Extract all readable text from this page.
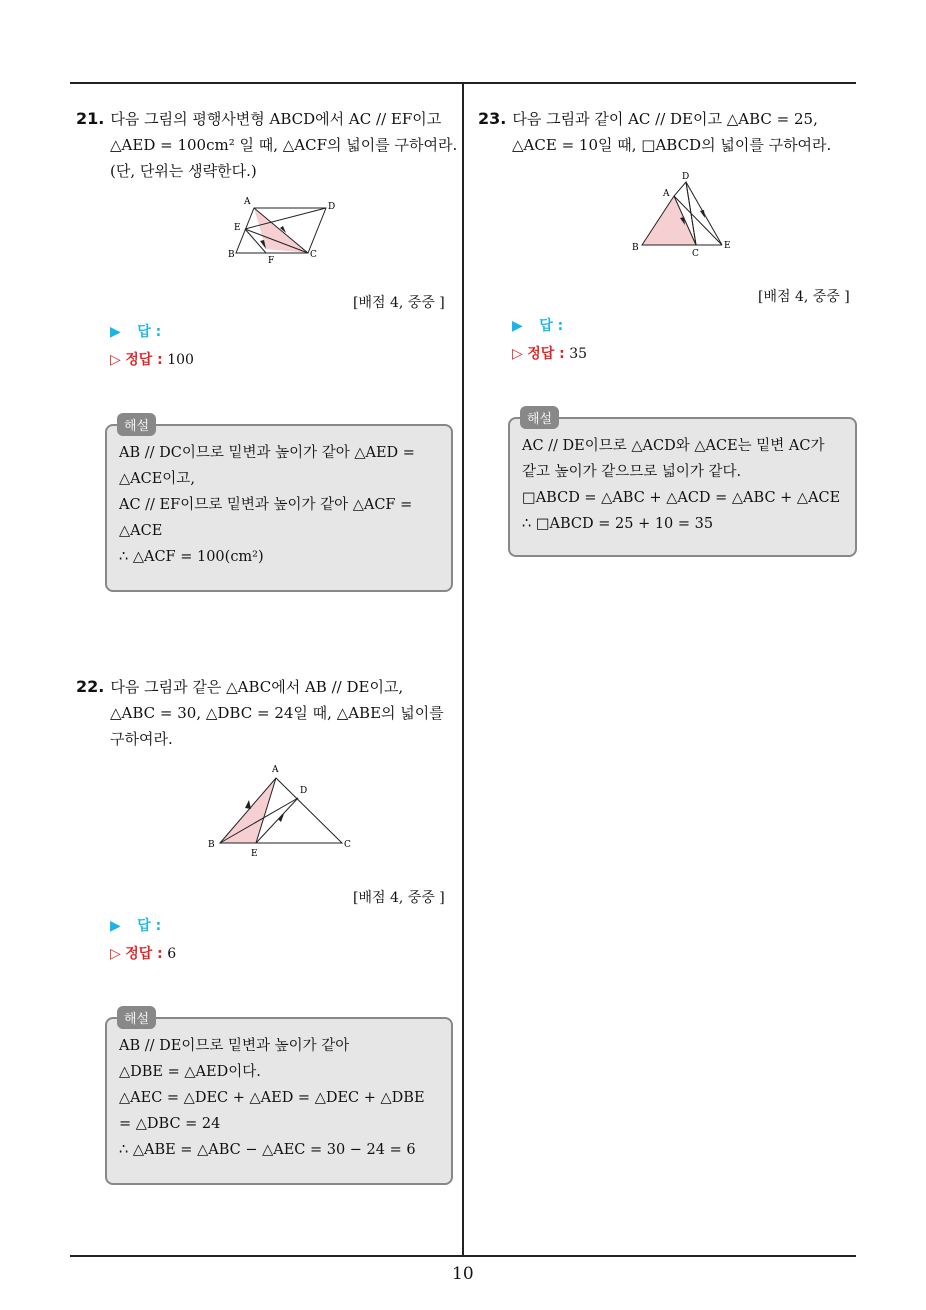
10
21. 다음 그림의 평행사변형 ABCD에서 AC // EF이고
△AED = 100cm² 일 때, △ACF의 넓이를 구하여라.
(단, 단위는 생략한다.)
A	D
E
B
F
C
[배점 4, 중중 ]
▶ 답 :
▷ 정답 : 100
해설
AB // DC이므로 밑변과 높이가 같아 △AED =
△ACE이고,
AC // EF이므로 밑변과 높이가 같아 △ACF =
△ACE
∴ △ACF = 100(cm²)
22. 다음 그림과 같은 △ABC에서 AB // DE이고,
△ABC = 30, △DBC = 24일 때, △ABE의 넓이를
구하여라.
A
D
B
E
C
[배점 4, 중중 ]
▶ 답 :
▷ 정답 : 6
해설
AB // DE이므로 밑변과 높이가 같아
△DBE = △AED이다.
△AEC = △DEC + △AED = △DEC + △DBE
= △DBC = 24
∴ △ABE = △ABC − △AEC = 30 − 24 = 6
23. 다음 그림과 같이 AC // DE이고 △ABC = 25,
△ACE = 10일 때, □ABCD의 넓이를 구하여라.
D
A
B
C
E
[배점 4, 중중 ]
▶ 답 :
▷ 정답 : 35
해설
AC // DE이므로 △ACD와 △ACE는 밑변 AC가
같고 높이가 같으므로 넓이가 같다.
□ABCD = △ABC + △ACD = △ABC + △ACE
∴ □ABCD = 25 + 10 = 35
